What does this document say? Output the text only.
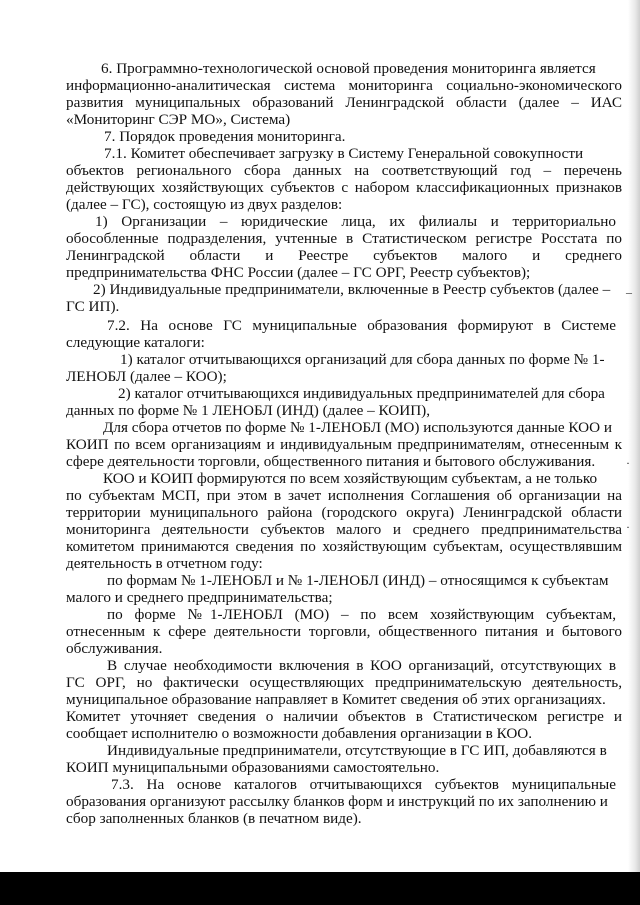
–
·
·
6. Программно-технологической основой проведения мониторинга является
информационно-аналитическая система мониторинга социально-экономического
развития муниципальных образований Ленинградской области (далее – ИАС
«Мониторинг СЭР МО», Система)
7. Порядок проведения мониторинга.
7.1. Комитет обеспечивает загрузку в Систему Генеральной совокупности
объектов регионального сбора данных на соответствующий год – перечень
действующих хозяйствующих субъектов с набором классификационных признаков
(далее – ГС), состоящую из двух разделов:
1) Организации – юридические лица, их филиалы и территориально
обособленные подразделения, учтенные в Статистическом регистре Росстата по
Ленинградской области и Реестре субъектов малого и среднего
предпринимательства ФНС России (далее – ГС ОРГ, Реестр субъектов);
2) Индивидуальные предприниматели, включенные в Реестр субъектов (далее –
ГС ИП).
7.2. На основе ГС муниципальные образования формируют в Системе
следующие каталоги:
1) каталог отчитывающихся организаций для сбора данных по форме № 1-
ЛЕНОБЛ (далее – КОО);
2) каталог отчитывающихся индивидуальных предпринимателей для сбора
данных по форме № 1 ЛЕНОБЛ (ИНД) (далее – КОИП),
Для сбора отчетов по форме № 1-ЛЕНОБЛ (МО) используются данные КОО и
КОИП по всем организациям и индивидуальным предпринимателям, отнесенным к
сфере деятельности торговли, общественного питания и бытового обслуживания.
КОО и КОИП формируются по всем хозяйствующим субъектам, а не только
по субъектам МСП, при этом в зачет исполнения Соглашения об организации на
территории муниципального района (городского округа) Ленинградской области
мониторинга деятельности субъектов малого и среднего предпринимательства
комитетом принимаются сведения по хозяйствующим субъектам, осуществлявшим
деятельность в отчетном году:
по формам № 1-ЛЕНОБЛ и № 1-ЛЕНОБЛ (ИНД) – относящимся к субъектам
малого и среднего предпринимательства;
по форме №1-ЛЕНОБЛ (МО) – по всем хозяйствующим субъектам,
отнесенным к сфере деятельности торговли, общественного питания и бытового
обслуживания.
В случае необходимости включения в КОО организаций, отсутствующих в
ГС ОРГ, но фактически осуществляющих предпринимательскую деятельность,
муниципальное образование направляет в Комитет сведения об этих организациях.
Комитет уточняет сведения о наличии объектов в Статистическом регистре и
сообщает исполнителю о возможности добавления организации в КОО.
Индивидуальные предприниматели, отсутствующие в ГС ИП, добавляются в
КОИП муниципальными образованиями самостоятельно.
7.3. На основе каталогов отчитывающихся субъектов муниципальные
образования организуют рассылку бланков форм и инструкций по их заполнению и
сбор заполненных бланков (в печатном виде).
